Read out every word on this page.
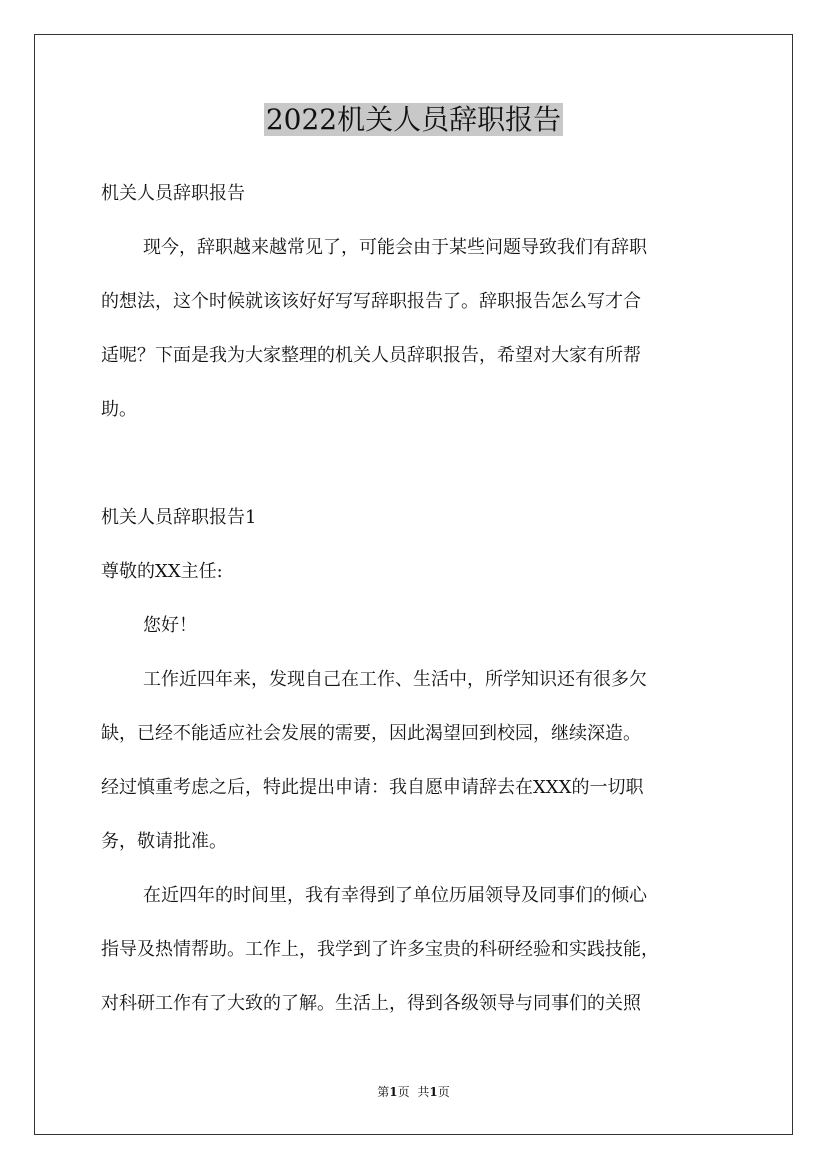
2022机关人员辞职报告
机关人员辞职报告
现今，辞职越来越常见了，可能会由于某些问题导致我们有辞职
的想法，这个时候就该该好好写写辞职报告了。辞职报告怎么写才合
适呢？下面是我为大家整理的机关人员辞职报告，希望对大家有所帮
助。
机关人员辞职报告1
尊敬的XX主任:
您好！
工作近四年来，发现自己在工作、生活中，所学知识还有很多欠
缺，已经不能适应社会发展的需要，因此渴望回到校园，继续深造。
经过慎重考虑之后，特此提出申请：我自愿申请辞去在XXX的一切职
务，敬请批准。
在近四年的时间里，我有幸得到了单位历届领导及同事们的倾心
指导及热情帮助。工作上，我学到了许多宝贵的科研经验和实践技能，
对科研工作有了大致的了解。生活上，得到各级领导与同事们的关照
第1页 共1页
